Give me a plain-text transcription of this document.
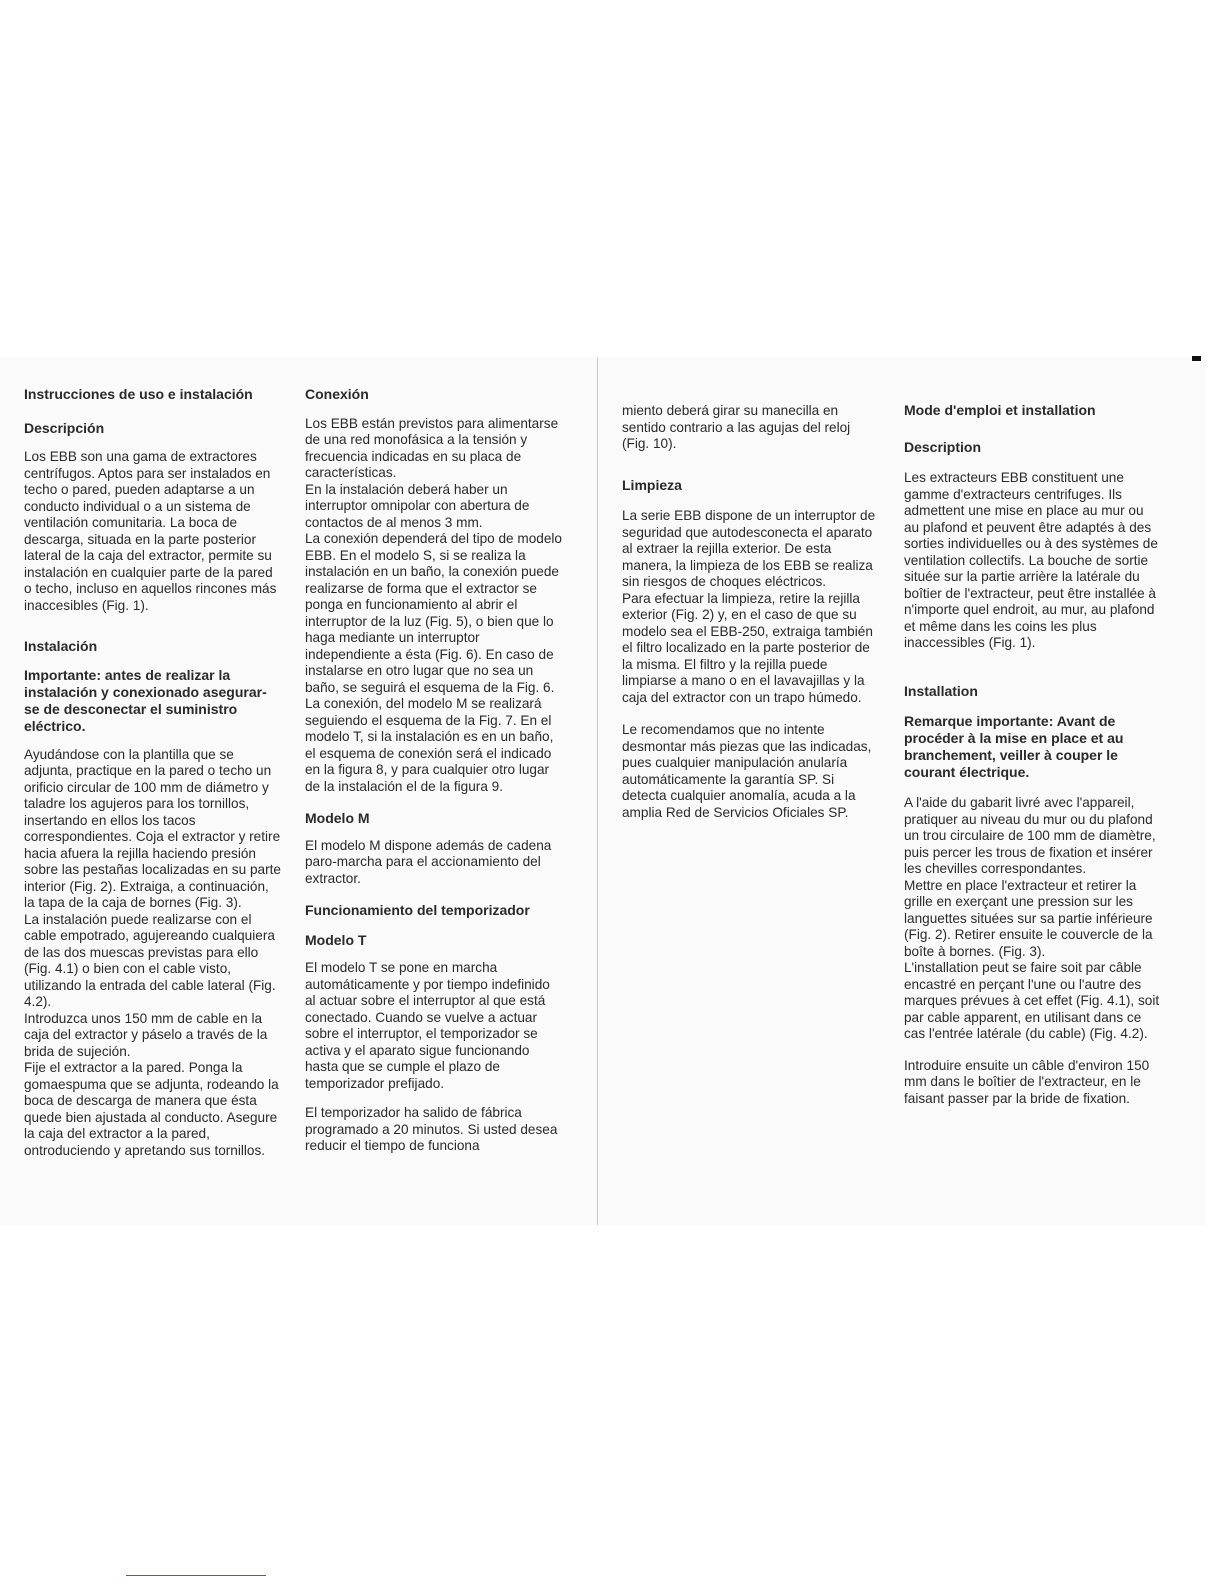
Instrucciones de uso e instalación

Descripción

Los EBB son una gama de extractores centrífugos. Aptos para ser instalados en techo o pared, pueden adaptarse a un conducto individual o a un sistema de ventilación comunitaria. La boca de descarga, situada en la parte posterior lateral de la caja del extractor, permite su instalación en cualquier parte de la pared o techo, incluso en aquellos rincones más inaccesibles (Fig. 1).

Instalación

Importante: antes de realizar la instalación y conexionado asegurar-se de desconectar el suministro eléctrico.

Ayudándose con la plantilla que se adjunta, practique en la pared o techo un orificio circular de 100 mm de diámetro y taladre los agujeros para los tornillos, insertando en ellos los tacos correspondientes. Coja el extractor y retire hacia afuera la rejilla haciendo presión sobre las pestañas localizadas en su parte interior (Fig. 2). Extraiga, a continuación, la tapa de la caja de bornes (Fig. 3).

La instalación puede realizarse con el cable empotrado, agujereando cualquiera de las dos muescas previstas para ello (Fig. 4.1) o bien con el cable visto, utilizando la entrada del cable lateral (Fig. 4.2).

Introduzca unos 150 mm de cable en la caja del extractor y páselo a través de la brida de sujeción.

Fije el extractor a la pared. Ponga la gomaespuma que se adjunta, rodeando la boca de descarga de manera que ésta quede bien ajustada al conducto. Asegure la caja del extractor a la pared, ontroduciendo y apretando sus tornillos.

Conexión

Los EBB están previstos para alimentarse de una red monofásica a la tensión y frecuencia indicadas en su placa de características.

En la instalación deberá haber un interruptor omnipolar con abertura de contactos de al menos 3 mm.

La conexión dependerá del tipo de modelo EBB. En el modelo S, si se realiza la instalación en un baño, la conexión puede realizarse de forma que el extractor se ponga en funcionamiento al abrir el interruptor de la luz (Fig. 5), o bien que lo haga mediante un interruptor independiente a ésta (Fig. 6). En caso de instalarse en otro lugar que no sea un baño, se seguirá el esquema de la Fig. 6. La conexión, del modelo M se realizará seguiendo el esquema de la Fig. 7. En el modelo T, si la instalación es en un baño, el esquema de conexión será el indicado en la figura 8, y para cualquier otro lugar de la instalación el de la figura 9.

Modelo M

El modelo M dispone además de cadena paro-marcha para el accionamiento del extractor.

Funcionamiento del temporizador

Modelo T

El modelo T se pone en marcha automáticamente y por tiempo indefinido al actuar sobre el interruptor al que está conectado. Cuando se vuelve a actuar sobre el interruptor, el temporizador se activa y el aparato sigue funcionando hasta que se cumple el plazo de temporizador prefijado.

El temporizador ha salido de fábrica programado a 20 minutos. Si usted desea reducir el tiempo de funciona

miento deberá girar su manecilla en sentido contrario a las agujas del reloj (Fig. 10).

Limpieza

La serie EBB dispone de un interruptor de seguridad que autodesconecta el aparato al extraer la rejilla exterior. De esta manera, la limpieza de los EBB se realiza sin riesgos de choques eléctricos.

Para efectuar la limpieza, retire la rejilla exterior (Fig. 2) y, en el caso de que su modelo sea el EBB-250, extraiga también el filtro localizado en la parte posterior de la misma. El filtro y la rejilla puede limpiarse a mano o en el lavavajillas y la caja del extractor con un trapo húmedo.

Le recomendamos que no intente desmontar más piezas que las indicadas, pues cualquier manipulación anularía automáticamente la garantía SP. Si detecta cualquier anomalía, acuda a la amplia Red de Servicios Oficiales SP.

Mode d'emploi et installation

Description

Les extracteurs EBB constituent une gamme d'extracteurs centrifuges. Ils admettent une mise en place au mur ou au plafond et peuvent être adaptés à des sorties individuelles ou à des systèmes de ventilation collectifs. La bouche de sortie située sur la partie arrière la latérale du boîtier de l'extracteur, peut être installée à n'importe quel endroit, au mur, au plafond et même dans les coins les plus inaccessibles (Fig. 1).

Installation

Remarque importante: Avant de procéder à la mise en place et au branchement, veiller à couper le courant électrique.

A l'aide du gabarit livré avec l'appareil, pratiquer au niveau du mur ou du plafond un trou circulaire de 100 mm de diamètre, puis percer les trous de fixation et insérer les chevilles correspondantes.

Mettre en place l'extracteur et retirer la grille en exerçant une pression sur les languettes situées sur sa partie inférieure (Fig. 2). Retirer ensuite le couvercle de la boîte à bornes. (Fig. 3).

L'installation peut se faire soit par câble encastré en perçant l'une ou l'autre des marques prévues à cet effet (Fig. 4.1), soit par cable apparent, en utilisant dans ce cas l'entrée latérale (du cable) (Fig. 4.2).

Introduire ensuite un câble d'environ 150 mm dans le boîtier de l'extracteur, en le faisant passer par la bride de fixation.
